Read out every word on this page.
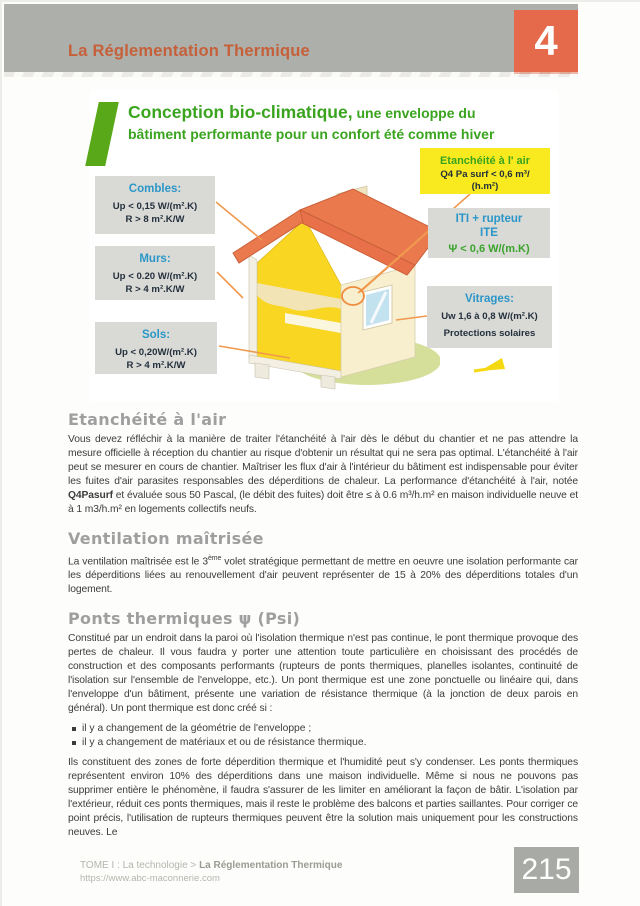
La Réglementation Thermique	4
Conception bio-climatique, une enveloppe du
bâtiment performante pour un confort été comme hiver
Etanchéité à l' air
Q4 Pa surf < 0,6 m³/
(h.m²)
Combles:
Up < 0,15 W/(m².K)
R > 8 m².K/W
Murs:
Up < 0.20 W/(m².K)
R > 4 m².K/W
Sols:
Up < 0,20W/(m².K)
R > 4 m².K/W
ITI + rupteur
ITE
Ψ < 0,6 W/(m.K)
Vitrages:
Uw 1,6 à 0,8 W/(m².K)
Protections solaires
Etanchéité à l'air

Vous devez réfléchir à la manière de traiter l'étanchéité à l'air dès le début du chantier et ne pas attendre la mesure officielle à réception du chantier au risque d'obtenir un résultat qui ne sera pas optimal. L'étanchéité à l'air peut se mesurer en cours de chantier. Maîtriser les flux d'air à l'intérieur du bâtiment est indispensable pour éviter les fuites d'air parasites responsables des déperditions de chaleur. La performance d'étanchéité à l'air, notée Q4Pasurf et évaluée sous 50 Pascal, (le débit des fuites) doit être ≤ à 0.6 m³/h.m² en maison individuelle neuve et à 1 m3/h.m² en logements collectifs neufs.

Ventilation maîtrisée

La ventilation maîtrisée est le 3ème volet stratégique permettant de mettre en oeuvre une isolation performante car les déperditions liées au renouvellement d'air peuvent représenter de 15 à 20% des déperditions totales d'un logement.

Ponts thermiques ψ (Psi)

Constitué par un endroit dans la paroi où l'isolation thermique n'est pas continue, le pont thermique provoque des pertes de chaleur. Il vous faudra y porter une attention toute particulière en choisissant des procédés de construction et des composants performants (rupteurs de ponts thermiques, planelles isolantes, continuité de l'isolation sur l'ensemble de l'enveloppe, etc.). Un pont thermique est une zone ponctuelle ou linéaire qui, dans l'enveloppe d'un bâtiment, présente une variation de résistance thermique (à la jonction de deux parois en général). Un pont thermique est donc créé si :

il y a changement de la géométrie de l'enveloppe ;
il y a changement de matériaux et ou de résistance thermique.

Ils constituent des zones de forte déperdition thermique et l'humidité peut s'y condenser. Les ponts thermiques représentent environ 10% des déperditions dans une maison individuelle. Même si nous ne pouvons pas supprimer entière le phénomène, il faudra s'assurer de les limiter en améliorant la façon de bâtir. L'isolation par l'extérieur, réduit ces ponts thermiques, mais il reste le problème des balcons et parties saillantes. Pour corriger ce point précis, l'utilisation de rupteurs thermiques peuvent être la solution mais uniquement pour les constructions neuves. Le

TOME I : La technologie > La Réglementation Thermique
https://www.abc-maconnerie.com	215
